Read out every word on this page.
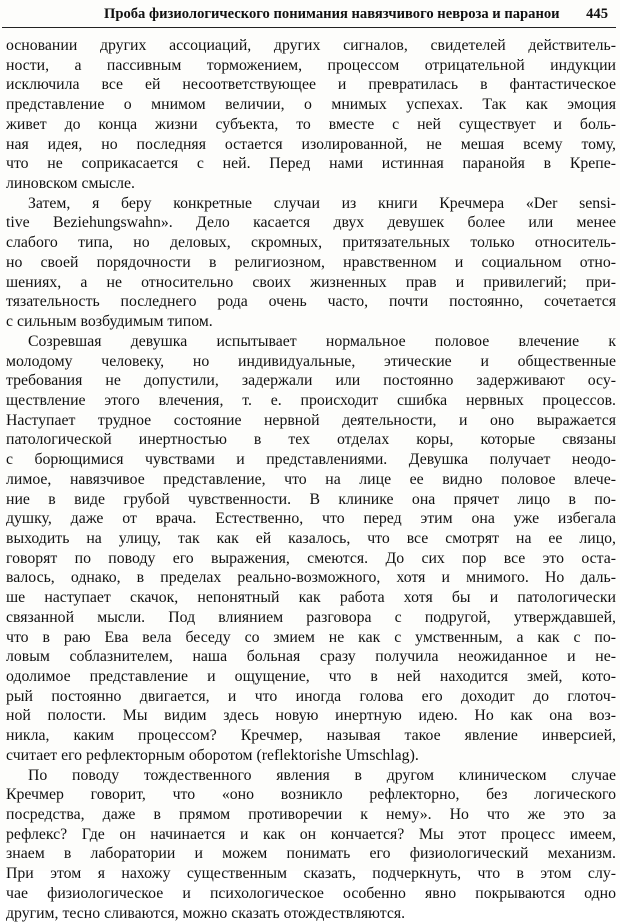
Проба физиологического понимания навязчивого невроза и паранои 445
основании других ассоциаций, других сигналов, свидетелей действитель-
ности, а пассивным торможением, процессом отрицательной индукции
исключила все ей несоответствующее и превратилась в фантастическое
представление о мнимом величии, о мнимых успехах. Так как эмоция
живет до конца жизни субъекта, то вместе с ней существует и боль-
ная идея, но последняя остается изолированной, не мешая всему тому,
что не соприкасается с ней. Перед нами истинная паранойя в Крепе-
линовском смысле.
Затем, я беру конкретные случаи из книги Кречмера «Der sensi-
tive Beziehungswahn». Дело касается двух девушек более или менее
слабого типа, но деловых, скромных, притязательных только относитель-
но своей порядочности в религиозном, нравственном и социальном отно-
шениях, а не относительно своих жизненных прав и привилегий; при-
тязательность последнего рода очень часто, почти постоянно, сочетается
с сильным возбудимым типом.
Созревшая девушка испытывает нормальное половое влечение к
молодому человеку, но индивидуальные, этические и общественные
требования не допустили, задержали или постоянно задерживают осу-
ществление этого влечения, т. е. происходит сшибка нервных процессов.
Наступает трудное состояние нервной деятельности, и оно выражается
патологической инертностью в тех отделах коры, которые связаны
с борющимися чувствами и представлениями. Девушка получает неодо-
лимое, навязчивое представление, что на лице ее видно половое влече-
ние в виде грубой чувственности. В клинике она прячет лицо в по-
душку, даже от врача. Естественно, что перед этим она уже избегала
выходить на улицу, так как ей казалось, что все смотрят на ее лицо,
говорят по поводу его выражения, смеются. До сих пор все это оста-
валось, однако, в пределах реально-возможного, хотя и мнимого. Но даль-
ше наступает скачок, непонятный как работа хотя бы и патологически
связанной мысли. Под влиянием разговора с подругой, утверждавшей,
что в раю Ева вела беседу со змием не как с умственным, а как с по-
ловым соблазнителем, наша больная сразу получила неожиданное и не-
одолимое представление и ощущение, что в ней находится змей, кото-
рый постоянно двигается, и что иногда голова его доходит до глоточ-
ной полости. Мы видим здесь новую инертную идею. Но как она воз-
никла, каким процессом? Кречмер, называя такое явление инверсией,
считает его рефлекторным оборотом (reflektorishe Umschlag).
По поводу тождественного явления в другом клиническом случае
Кречмер говорит, что «оно возникло рефлекторно, без логического
посредства, даже в прямом противоречии к нему». Но что же это за
рефлекс? Где он начинается и как он кончается? Мы этот процесс имеем,
знаем в лаборатории и можем понимать его физиологический механизм.
При этом я нахожу существенным сказать, подчеркнуть, что в этом слу-
чае физиологическое и психологическое особенно явно покрываются одно
другим, тесно сливаются, можно сказать отождествляются.
